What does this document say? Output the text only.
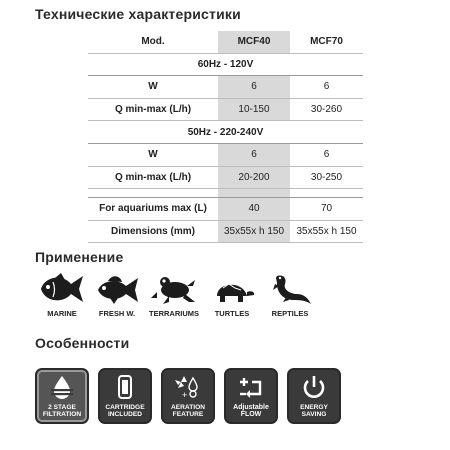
Технические характеристики
Mod.	MCF40	MCF70
60Hz - 120V		
W	6	6
Q min-max (L/h)	10-150	30-260
50Hz - 220-240V		
W	6	6
Q min-max (L/h)	20-200	30-250

For aquariums max (L)	40	70
Dimensions (mm)	35x55x h 150	35x55x h 150
Применение
MARINE	FRESH W.	TERRARIUMS	TURTLES	REPTILES
Особенности
2 STAGE
FILTRATION
CARTRIDGE
INCLUDED
+
AERATION
FEATURE
Adjustable
FLOW
ENERGY
SAVING
